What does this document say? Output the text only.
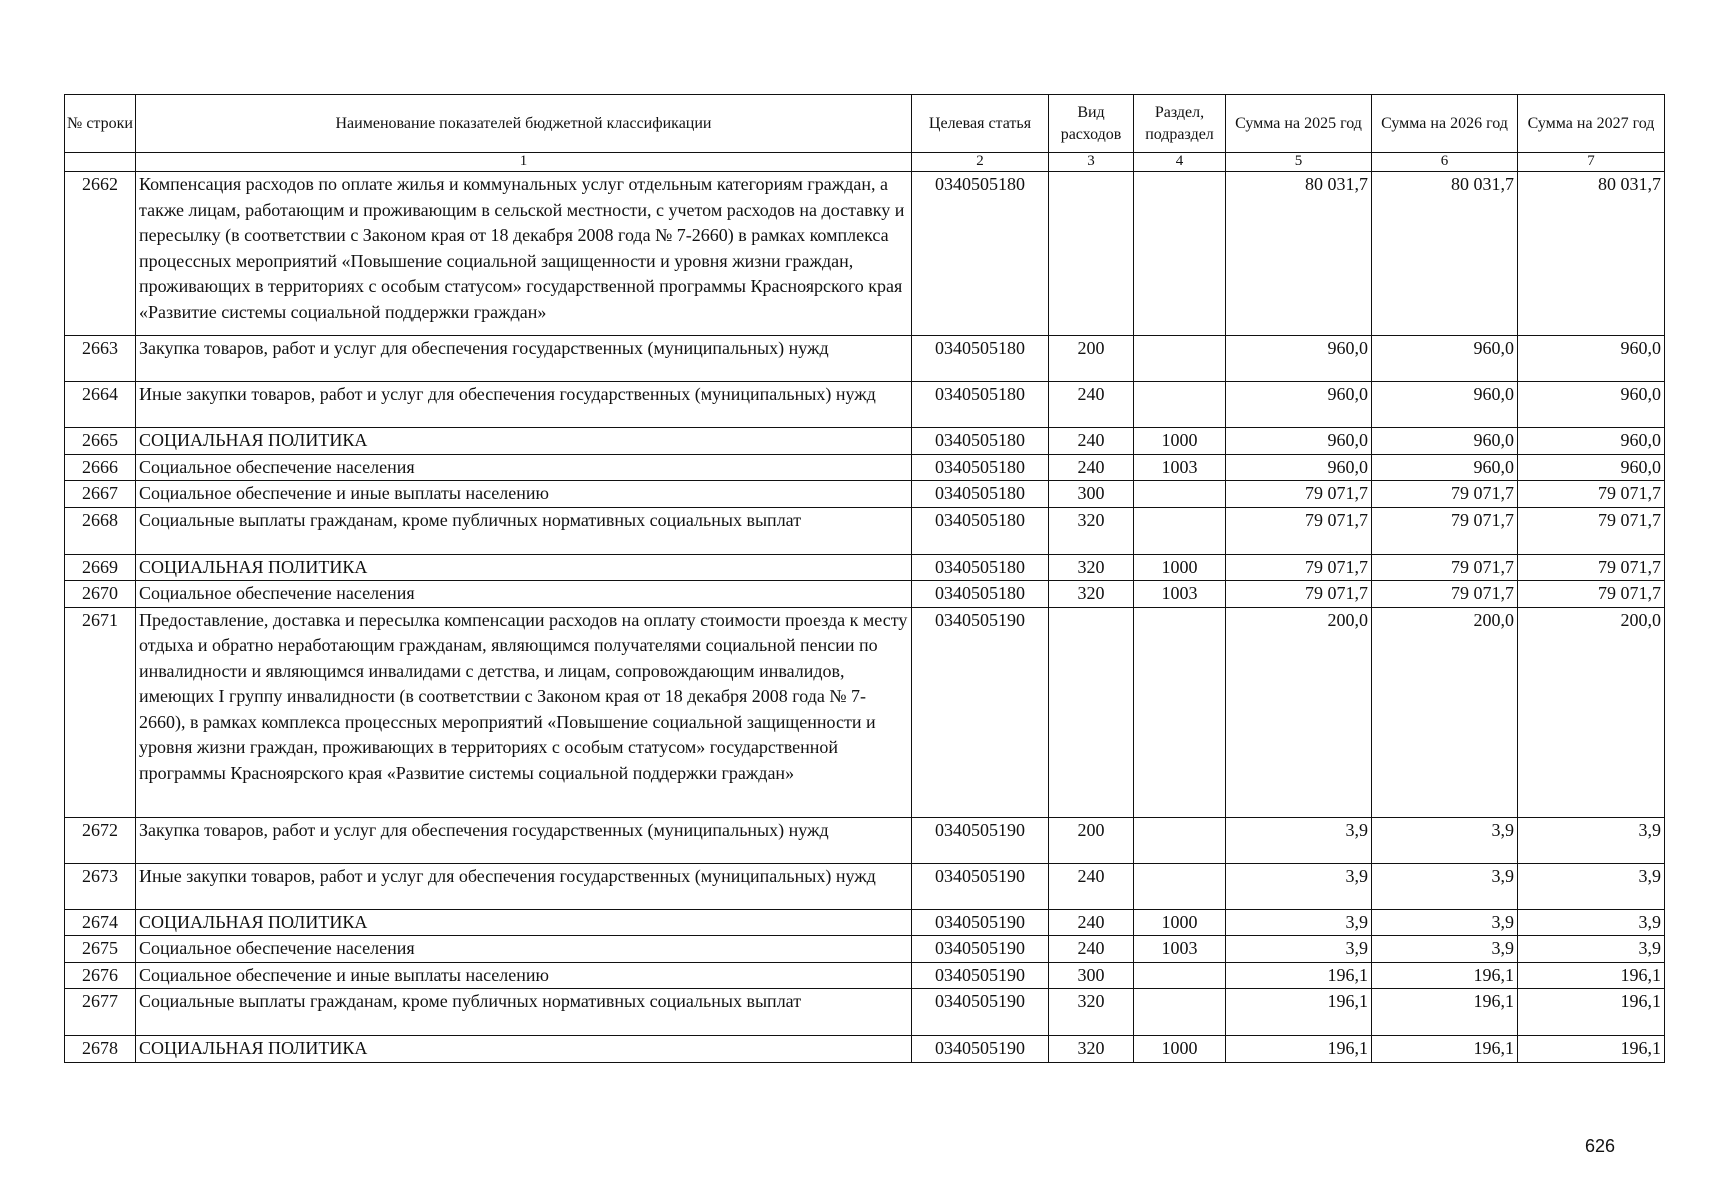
№ строки	Наименование показателей бюджетной классификации	Целевая статья	Вид расходов	Раздел, подраздел	Сумма на 2025 год	Сумма на 2026 год	Сумма на 2027 год
	1	2	3	4	5	6	7
2662	Компенсация расходов по оплате жилья и коммунальных услуг отдельным категориям граждан, а также лицам, работающим и проживающим в сельской местности, с учетом расходов на доставку и пересылку (в соответствии с Законом края от 18 декабря 2008 года № 7-2660) в рамках комплекса процессных мероприятий «Повышение социальной защищенности и уровня жизни граждан, проживающих в территориях с особым статусом» государственной программы Красноярского края «Развитие системы социальной поддержки граждан»	0340505180			80 031,7	80 031,7	80 031,7
2663	Закупка товаров, работ и услуг для обеспечения государственных (муниципальных) нужд	0340505180	200		960,0	960,0	960,0
2664	Иные закупки товаров, работ и услуг для обеспечения государственных (муниципальных) нужд	0340505180	240		960,0	960,0	960,0
2665	СОЦИАЛЬНАЯ ПОЛИТИКА	0340505180	240	1000	960,0	960,0	960,0
2666	Социальное обеспечение населения	0340505180	240	1003	960,0	960,0	960,0
2667	Социальное обеспечение и иные выплаты населению	0340505180	300		79 071,7	79 071,7	79 071,7
2668	Социальные выплаты гражданам, кроме публичных нормативных социальных выплат	0340505180	320		79 071,7	79 071,7	79 071,7
2669	СОЦИАЛЬНАЯ ПОЛИТИКА	0340505180	320	1000	79 071,7	79 071,7	79 071,7
2670	Социальное обеспечение населения	0340505180	320	1003	79 071,7	79 071,7	79 071,7
2671	Предоставление, доставка и пересылка компенсации расходов на оплату стоимости проезда к месту отдыха и обратно неработающим гражданам, являющимся получателями социальной пенсии по инвалидности и являющимся инвалидами с детства, и лицам, сопровождающим инвалидов, имеющих I группу инвалидности (в соответствии с Законом края от 18 декабря 2008 года № 7-2660), в рамках комплекса процессных мероприятий «Повышение социальной защищенности и уровня жизни граждан, проживающих в территориях с особым статусом» государственной программы Красноярского края «Развитие системы социальной поддержки граждан»	0340505190			200,0	200,0	200,0
2672	Закупка товаров, работ и услуг для обеспечения государственных (муниципальных) нужд	0340505190	200		3,9	3,9	3,9
2673	Иные закупки товаров, работ и услуг для обеспечения государственных (муниципальных) нужд	0340505190	240		3,9	3,9	3,9
2674	СОЦИАЛЬНАЯ ПОЛИТИКА	0340505190	240	1000	3,9	3,9	3,9
2675	Социальное обеспечение населения	0340505190	240	1003	3,9	3,9	3,9
2676	Социальное обеспечение и иные выплаты населению	0340505190	300		196,1	196,1	196,1
2677	Социальные выплаты гражданам, кроме публичных нормативных социальных выплат	0340505190	320		196,1	196,1	196,1
2678	СОЦИАЛЬНАЯ ПОЛИТИКА	0340505190	320	1000	196,1	196,1	196,1
626
